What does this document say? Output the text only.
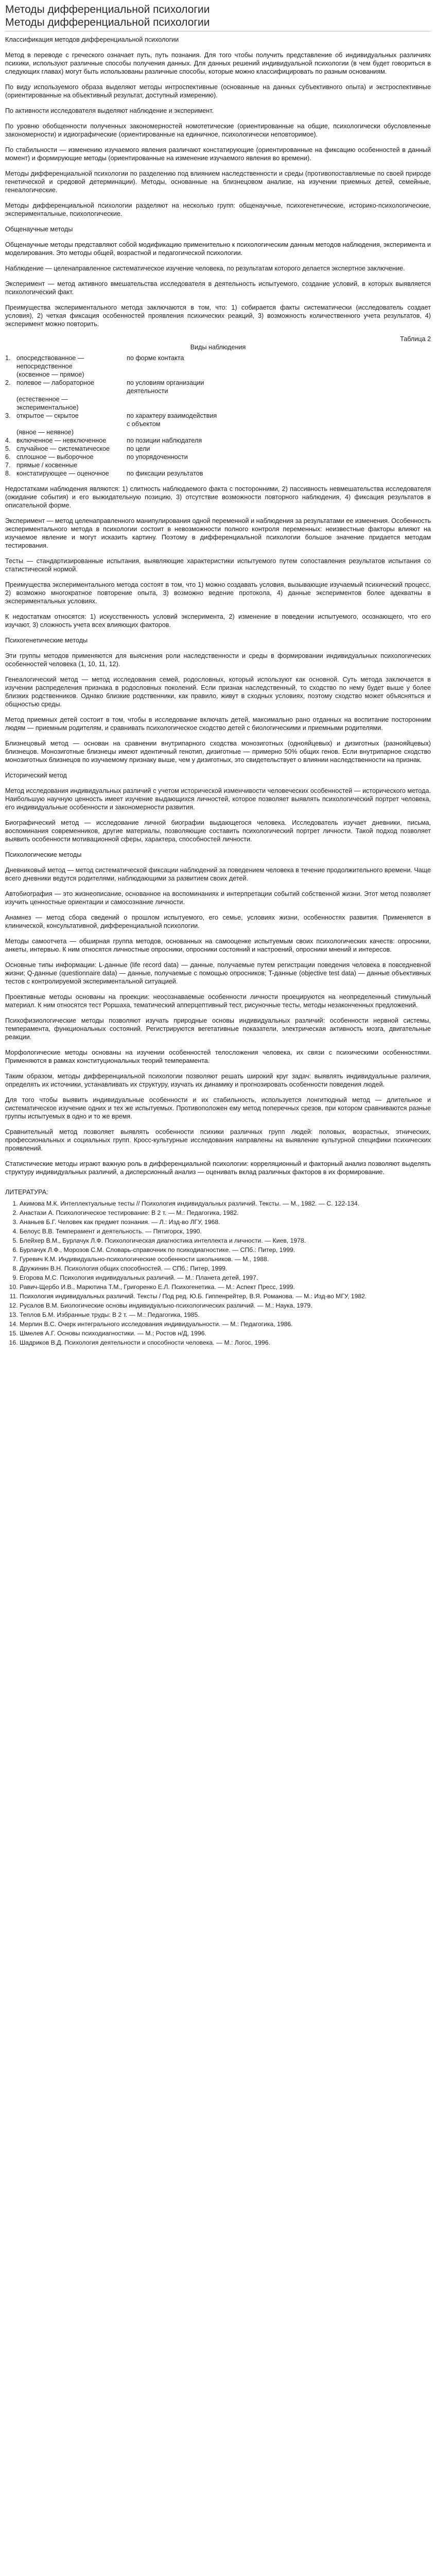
Методы дифференциальной психологии
Методы дифференциальной психологии

Классификация методов дифференциальной психологии

Метод в переводе с греческого означает путь, путь познания. Для того чтобы получить представление об индивидуальных различиях психики, используют различные способы получения данных. Для данных решений индивидуальной психологии (в чем будет говориться в следующих главах) могут быть использованы различные способы, которые можно классифицировать по разным основаниям.

По виду используемого образа выделяют методы интроспективные (основанные на данных субъективного опыта) и экстроспективные (ориентированные на объективный результат, доступный измерению).

По активности исследователя выделяют наблюдение и эксперимент.

По уровню обобщенности полученных закономерностей номотетические (ориентированные на общие, психологически обусловленные закономерности) и идиографические (ориентированные на единичное, психологически неповторимое).

По стабильности — изменению изучаемого явления различают констатирующие (ориентированные на фиксацию особенностей в данный момент) и формирующие методы (ориентированные на изменение изучаемого явления во времени).

Методы дифференциальной психологии по разделению под влиянием наследственности и среды (противопоставляемые по своей природе генетической и средовой детерминации). Методы, основанные на близнецовом анализе, на изучении приемных детей, семейные, генеалогические.

Методы дифференциальной психологии разделяют на несколько групп: общенаучные, психогенетические, историко-психологические, экспериментальные, психологические.

Общенаучные методы

Общенаучные методы представляют собой модификацию применительно к психологическим данным методов наблюдения, эксперимента и моделирования. Это методы общей, возрастной и педагогической психологии.

Наблюдение — целенаправленное систематическое изучение человека, по результатам которого делается экспертное заключение.

Эксперимент — метод активного вмешательства исследователя в деятельность испытуемого, создание условий, в которых выявляется психологический факт.

Преимущества экспериментального метода заключаются в том, что: 1) собирается факты систематически (исследователь создает условия), 2) четкая фиксация особенностей проявления психических реакций, 3) возможность количественного учета результатов, 4) эксперимент можно повторить.

Таблица 2
Виды наблюдения
1.	опосредствованное — непосредственное	по форме контакта
	(косвенное — прямое)	
2.	полевое — лабораторное	по условиям организации деятельности
	(естественное — экспериментальное)	
3.	открытое — скрытое	по характеру взаимодействия с объектом
	(явное — неявное)	
4.	включенное — невключенное	по позиции наблюдателя
5.	случайное — систематическое	по цели
6.	сплошное — выборочное	по упорядоченности
7.	прямые / косвенные	
8.	констатирующее — оценочное	по фиксации результатов

Недостатками наблюдения являются: 1) слитность наблюдаемого факта с посторонними, 2) пассивность невмешательства исследователя (ожидание события) и его выжидательную позицию, 3) отсутствие возможности повторного наблюдения, 4) фиксация результатов в описательной форме.

Эксперимент — метод целенаправленного манипулирования одной переменной и наблюдения за результатами ее изменения. Особенность экспериментального метода в психологии состоит в невозможности полного контроля переменных: неизвестные факторы влияют на изучаемое явление и могут исказить картину. Поэтому в дифференциальной психологии большое значение придается методам тестирования.

Тесты — стандартизированные испытания, выявляющие характеристики испытуемого путем сопоставления результатов испытания со статистической нормой.

Преимущества экспериментального метода состоят в том, что 1) можно создавать условия, вызывающие изучаемый психический процесс, 2) возможно многократное повторение опыта, 3) возможно ведение протокола, 4) данные экспериментов более адекватны в экспериментальных условиях.

К недостаткам относятся: 1) искусственность условий эксперимента, 2) изменение в поведении испытуемого, осознающего, что его изучают, 3) сложность учета всех влияющих факторов.

Психогенетические методы

Эти группы методов применяются для выяснения роли наследственности и среды в формировании индивидуальных психологических особенностей человека (1, 10, 11, 12).

Генеалогический метод — метод исследования семей, родословных, который используют как основной. Суть метода заключается в изучении распределения признака в родословных поколений. Если признак наследственный, то сходство по нему будет выше у более близких родственников. Однако близкие родственники, как правило, живут в сходных условиях, поэтому сходство может объясняться и общностью среды.

Метод приемных детей состоит в том, чтобы в исследование включать детей, максимально рано отданных на воспитание посторонним людям — приемным родителям, и сравнивать психологическое сходство детей с биологическими и приемными родителями.

Близнецовый метод — основан на сравнении внутрипарного сходства монозиготных (однояйцевых) и дизиготных (разнояйцевых) близнецов. Монозиготные близнецы имеют идентичный генотип, дизиготные — примерно 50% общих генов. Если внутрипарное сходство монозиготных близнецов по изучаемому признаку выше, чем у дизиготных, это свидетельствует о влиянии наследственности на признак.

Исторический метод

Метод исследования индивидуальных различий с учетом исторической изменчивости человеческих особенностей — исторического метода. Наибольшую научную ценность имеет изучение выдающихся личностей, которое позволяет выявлять психологический портрет человека, его индивидуальные особенности и закономерности развития.

Биографический метод — исследование личной биографии выдающегося человека. Исследователь изучает дневники, письма, воспоминания современников, другие материалы, позволяющие составить психологический портрет личности. Такой подход позволяет выявить особенности мотивационной сферы, характера, способностей личности.

Психологические методы

Дневниковый метод — метод систематической фиксации наблюдений за поведением человека в течение продолжительного времени. Чаще всего дневники ведутся родителями, наблюдающими за развитием своих детей.

Автобиография — это жизнеописание, основанное на воспоминаниях и интерпретации событий собственной жизни. Этот метод позволяет изучить ценностные ориентации и самосознание личности.

Анамнез — метод сбора сведений о прошлом испытуемого, его семье, условиях жизни, особенностях развития. Применяется в клинической, консультативной, дифференциальной психологии.

Методы самоотчета — обширная группа методов, основанных на самооценке испытуемым своих психологических качеств: опросники, анкеты, интервью. К ним относятся личностные опросники, опросники состояний и настроений, опросники мнений и интересов.

Основные типы информации: L-данные (life record data) — данные, получаемые путем регистрации поведения человека в повседневной жизни; Q-данные (questionnaire data) — данные, получаемые с помощью опросников; T-данные (objective test data) — данные объективных тестов с контролируемой экспериментальной ситуацией.

Проективные методы основаны на проекции: неосознаваемые особенности личности проецируются на неопределенный стимульный материал. К ним относятся тест Роршаха, тематический апперцептивный тест, рисуночные тесты, методы незаконченных предложений.

Психофизиологические методы позволяют изучать природные основы индивидуальных различий: особенности нервной системы, темперамента, функциональных состояний. Регистрируются вегетативные показатели, электрическая активность мозга, двигательные реакции.

Морфологические методы основаны на изучении особенностей телосложения человека, их связи с психическими особенностями. Применяются в рамках конституциональных теорий темперамента.

Таким образом, методы дифференциальной психологии позволяют решать широкий круг задач: выявлять индивидуальные различия, определять их источники, устанавливать их структуру, изучать их динамику и прогнозировать особенности поведения людей.

Для того чтобы выявить индивидуальные особенности и их стабильность, используется лонгитюдный метод — длительное и систематическое изучение одних и тех же испытуемых. Противоположен ему метод поперечных срезов, при котором сравниваются разные группы испытуемых в одно и то же время.

Сравнительный метод позволяет выявлять особенности психики различных групп людей: половых, возрастных, этнических, профессиональных и социальных групп. Кросс-культурные исследования направлены на выявление культурной специфики психических проявлений.

Статистические методы играют важную роль в дифференциальной психологии: корреляционный и факторный анализ позволяют выделять структуру индивидуальных различий, а дисперсионный анализ — оценивать вклад различных факторов в их формирование.

ЛИТЕРАТУРА:
1. Акимова М.К. Интеллектуальные тесты // Психология индивидуальных различий. Тексты. — М., 1982. — С. 122-134.
2. Анастази А. Психологическое тестирование: В 2 т. — М.: Педагогика, 1982.
3. Ананьев Б.Г. Человек как предмет познания. — Л.: Изд-во ЛГУ, 1968.
4. Белоус В.В. Темперамент и деятельность. — Пятигорск, 1990.
5. Блейхер В.М., Бурлачук Л.Ф. Психологическая диагностика интеллекта и личности. — Киев, 1978.
6. Бурлачук Л.Ф., Морозов С.М. Словарь-справочник по психодиагностике. — СПб.: Питер, 1999.
7. Гуревич К.М. Индивидуально-психологические особенности школьников. — М., 1988.
8. Дружинин В.Н. Психология общих способностей. — СПб.: Питер, 1999.
9. Егорова М.С. Психология индивидуальных различий. — М.: Планета детей, 1997.
10. Равич-Щербо И.В., Марютина Т.М., Григоренко Е.Л. Психогенетика. — М.: Аспект Пресс, 1999.
11. Психология индивидуальных различий. Тексты / Под ред. Ю.Б. Гиппенрейтер, В.Я. Романова. — М.: Изд-во МГУ, 1982.
12. Русалов В.М. Биологические основы индивидуально-психологических различий. — М.: Наука, 1979.
13. Теплов Б.М. Избранные труды: В 2 т. — М.: Педагогика, 1985.
14. Мерлин В.С. Очерк интегрального исследования индивидуальности. — М.: Педагогика, 1986.
15. Шмелев А.Г. Основы психодиагностики. — М.; Ростов н/Д, 1996.
16. Шадриков В.Д. Психология деятельности и способности человека. — М.: Логос, 1996.
